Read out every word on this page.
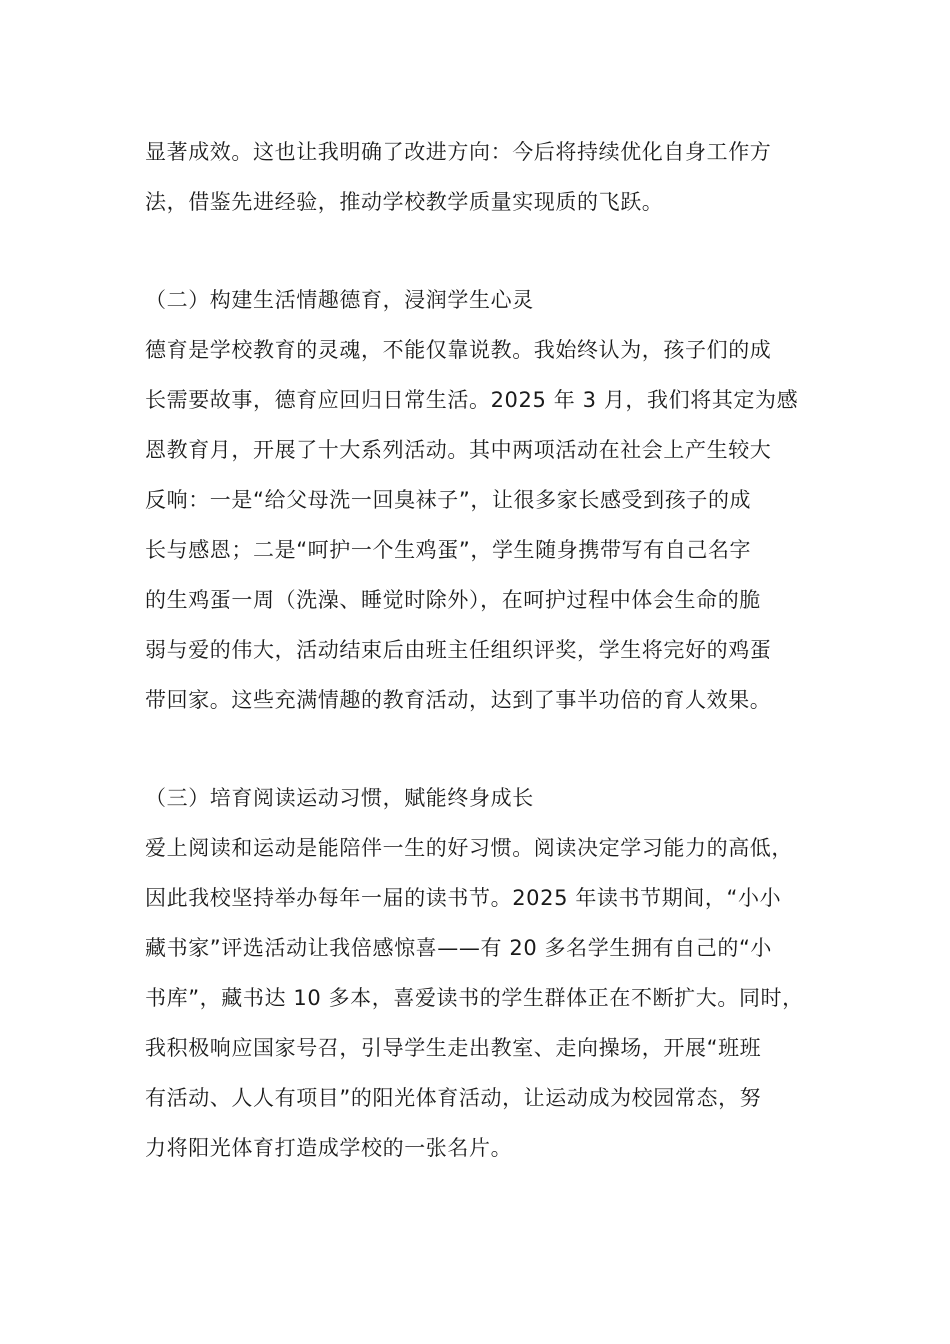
显著成效。这也让我明确了改进方向：今后将持续优化自身工作方
法，借鉴先进经验，推动学校教学质量实现质的飞跃。
（二）构建生活情趣德育，浸润学生心灵
德育是学校教育的灵魂，不能仅靠说教。我始终认为，孩子们的成
长需要故事，德育应回归日常生活。2025 年 3 月，我们将其定为感
恩教育月，开展了十大系列活动。其中两项活动在社会上产生较大
反响：一是“给父母洗一回臭袜子”，让很多家长感受到孩子的成
长与感恩；二是“呵护一个生鸡蛋”，学生随身携带写有自己名字
的生鸡蛋一周（洗澡、睡觉时除外），在呵护过程中体会生命的脆
弱与爱的伟大，活动结束后由班主任组织评奖，学生将完好的鸡蛋
带回家。这些充满情趣的教育活动，达到了事半功倍的育人效果。
（三）培育阅读运动习惯，赋能终身成长
爱上阅读和运动是能陪伴一生的好习惯。阅读决定学习能力的高低，
因此我校坚持举办每年一届的读书节。2025 年读书节期间，“小小
藏书家”评选活动让我倍感惊喜——有 20 多名学生拥有自己的“小
书库”，藏书达 10 多本，喜爱读书的学生群体正在不断扩大。同时，
我积极响应国家号召，引导学生走出教室、走向操场，开展“班班
有活动、人人有项目”的阳光体育活动，让运动成为校园常态，努
力将阳光体育打造成学校的一张名片。
